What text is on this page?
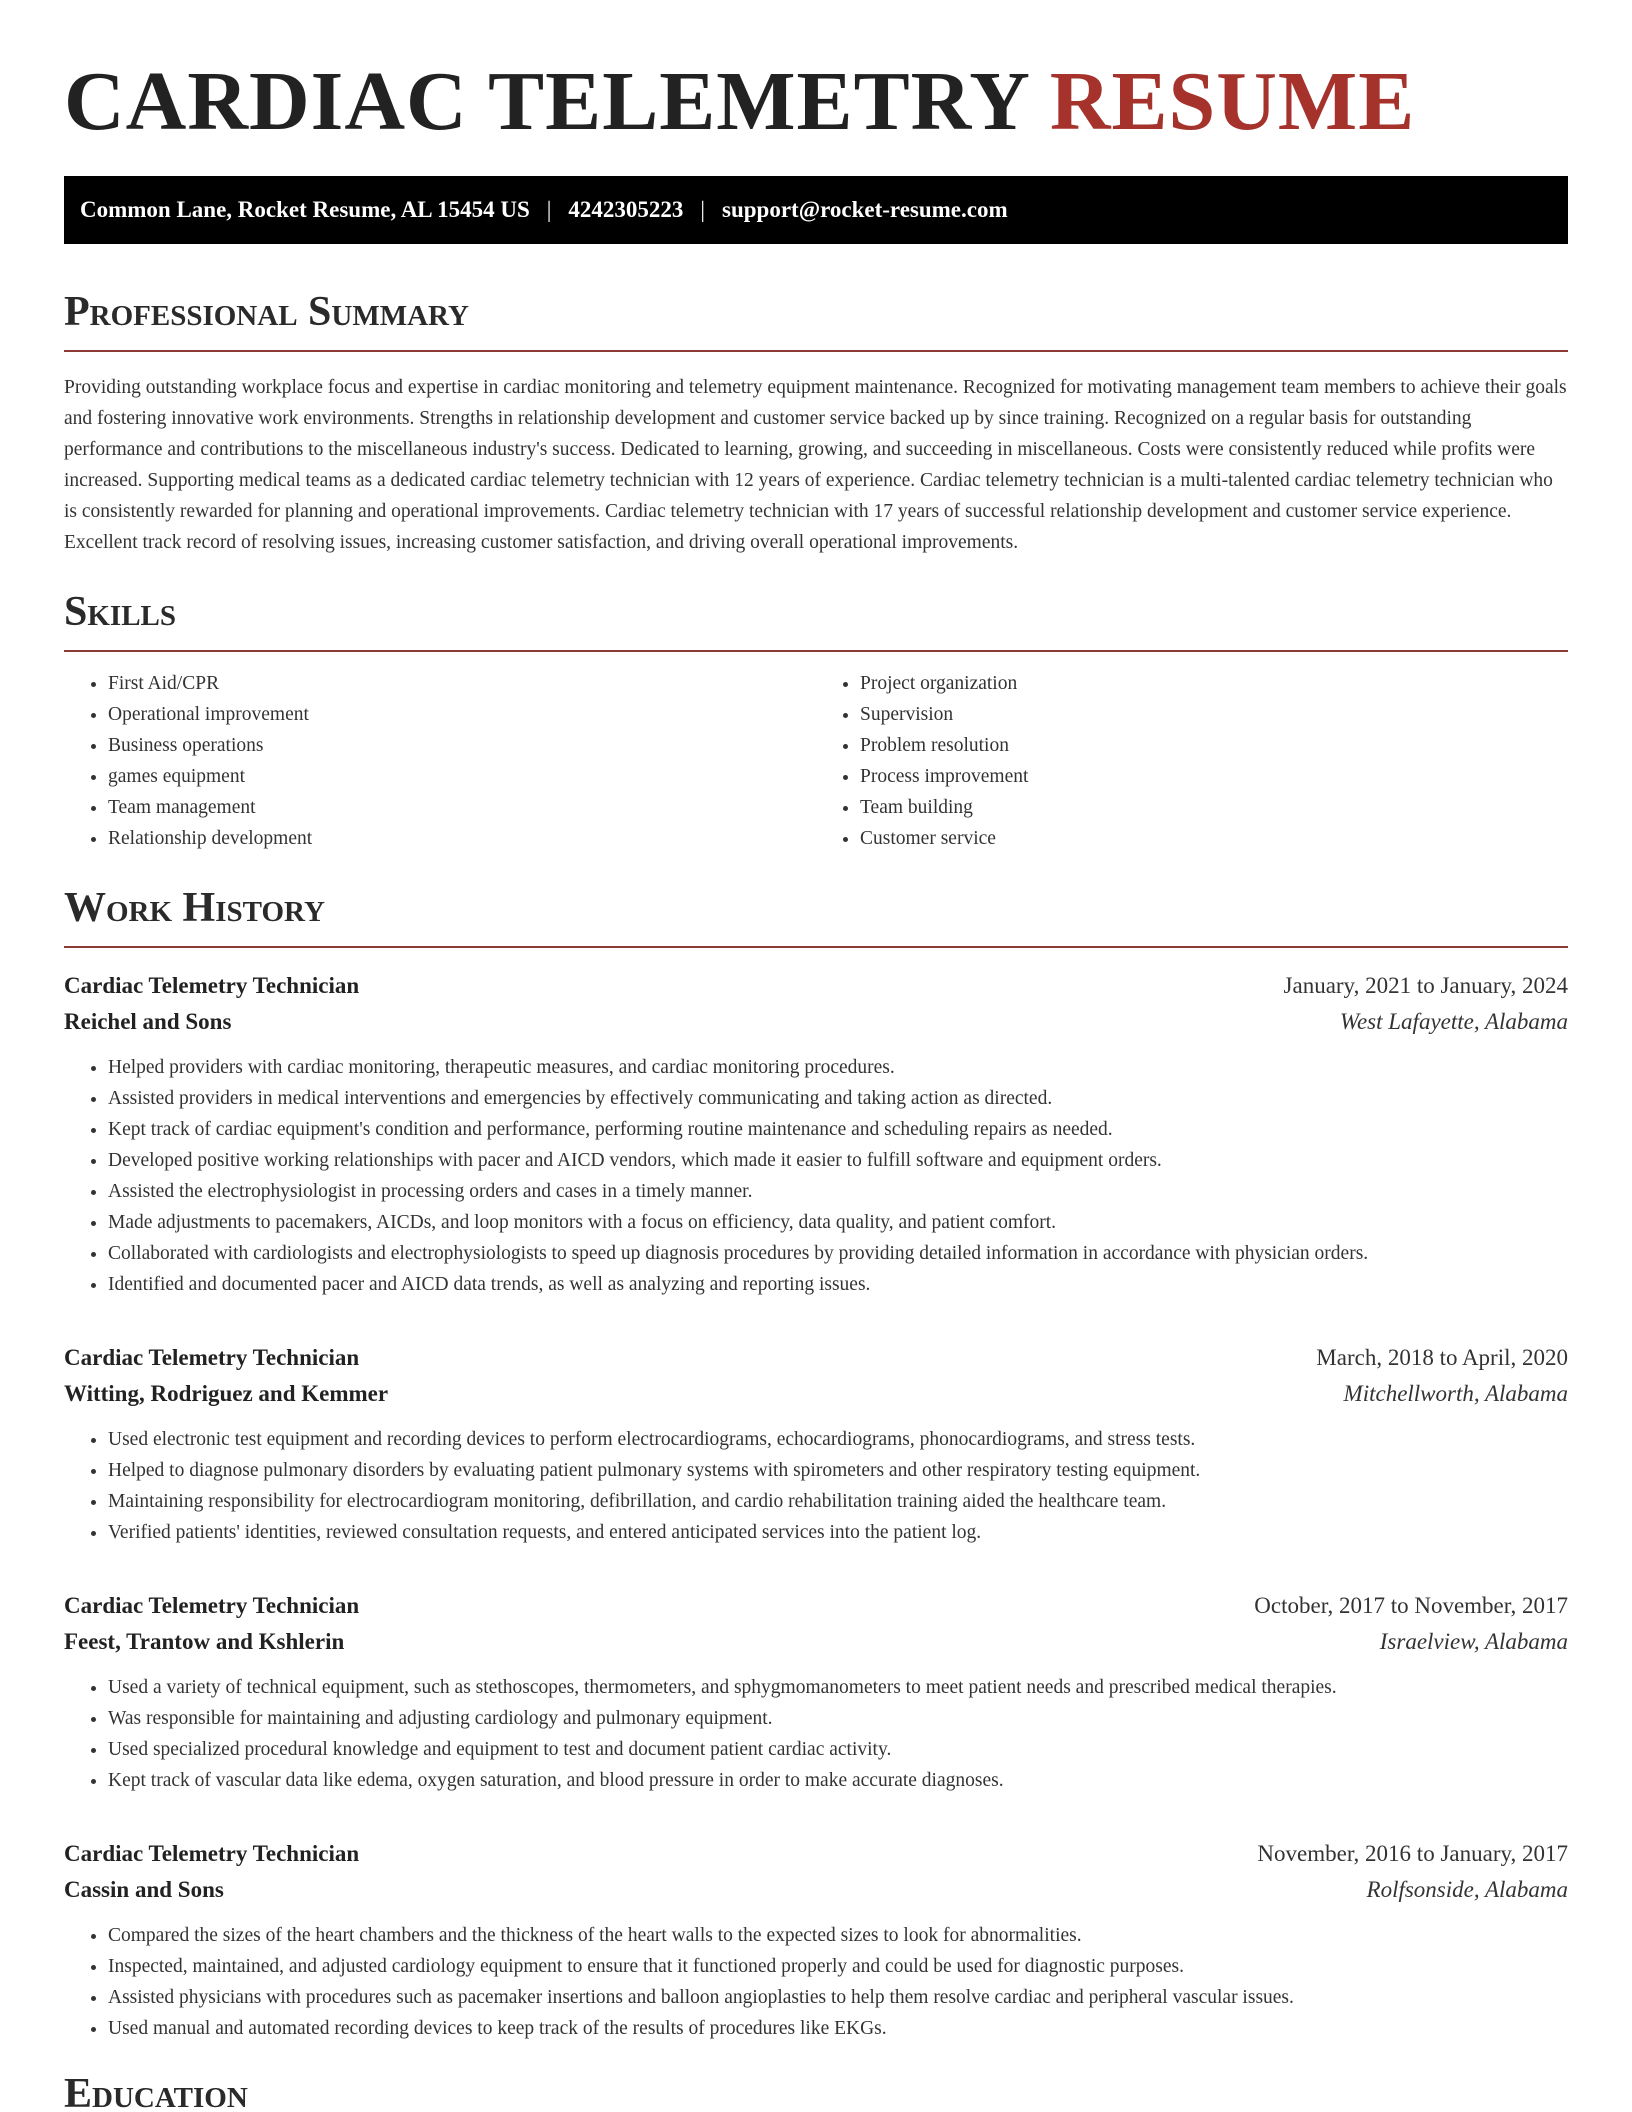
CARDIAC TELEMETRY RESUME
Common Lane, Rocket Resume, AL 15454 US | 4242305223 | support@rocket-resume.com
Professional Summary

Providing outstanding workplace focus and expertise in cardiac monitoring and telemetry equipment maintenance. Recognized for motivating management team members to achieve their goals and fostering innovative work environments. Strengths in relationship development and customer service backed up by since training. Recognized on a regular basis for outstanding performance and contributions to the miscellaneous industry's success. Dedicated to learning, growing, and succeeding in miscellaneous. Costs were consistently reduced while profits were increased. Supporting medical teams as a dedicated cardiac telemetry technician with 12 years of experience. Cardiac telemetry technician is a multi-talented cardiac telemetry technician who is consistently rewarded for planning and operational improvements. Cardiac telemetry technician with 17 years of successful relationship development and customer service experience. Excellent track record of resolving issues, increasing customer satisfaction, and driving overall operational improvements.

Skills
• First Aid/CPR
• Operational improvement
• Business operations
• games equipment
• Team management
• Relationship development
• Project organization
• Supervision
• Problem resolution
• Process improvement
• Team building
• Customer service
Work History
Cardiac Telemetry Technician	January, 2021 to January, 2024
Reichel and Sons	West Lafayette, Alabama
• Helped providers with cardiac monitoring, therapeutic measures, and cardiac monitoring procedures.
• Assisted providers in medical interventions and emergencies by effectively communicating and taking action as directed.
• Kept track of cardiac equipment's condition and performance, performing routine maintenance and scheduling repairs as needed.
• Developed positive working relationships with pacer and AICD vendors, which made it easier to fulfill software and equipment orders.
• Assisted the electrophysiologist in processing orders and cases in a timely manner.
• Made adjustments to pacemakers, AICDs, and loop monitors with a focus on efficiency, data quality, and patient comfort.
• Collaborated with cardiologists and electrophysiologists to speed up diagnosis procedures by providing detailed information in accordance with physician orders.
• Identified and documented pacer and AICD data trends, as well as analyzing and reporting issues.
Cardiac Telemetry Technician	March, 2018 to April, 2020
Witting, Rodriguez and Kemmer	Mitchellworth, Alabama
• Used electronic test equipment and recording devices to perform electrocardiograms, echocardiograms, phonocardiograms, and stress tests.
• Helped to diagnose pulmonary disorders by evaluating patient pulmonary systems with spirometers and other respiratory testing equipment.
• Maintaining responsibility for electrocardiogram monitoring, defibrillation, and cardio rehabilitation training aided the healthcare team.
• Verified patients' identities, reviewed consultation requests, and entered anticipated services into the patient log.
Cardiac Telemetry Technician	October, 2017 to November, 2017
Feest, Trantow and Kshlerin	Israelview, Alabama
• Used a variety of technical equipment, such as stethoscopes, thermometers, and sphygmomanometers to meet patient needs and prescribed medical therapies.
• Was responsible for maintaining and adjusting cardiology and pulmonary equipment.
• Used specialized procedural knowledge and equipment to test and document patient cardiac activity.
• Kept track of vascular data like edema, oxygen saturation, and blood pressure in order to make accurate diagnoses.
Cardiac Telemetry Technician	November, 2016 to January, 2017
Cassin and Sons	Rolfsonside, Alabama
• Compared the sizes of the heart chambers and the thickness of the heart walls to the expected sizes to look for abnormalities.
• Inspected, maintained, and adjusted cardiology equipment to ensure that it functioned properly and could be used for diagnostic purposes.
• Assisted physicians with procedures such as pacemaker insertions and balloon angioplasties to help them resolve cardiac and peripheral vascular issues.
• Used manual and automated recording devices to keep track of the results of procedures like EKGs.
Education
